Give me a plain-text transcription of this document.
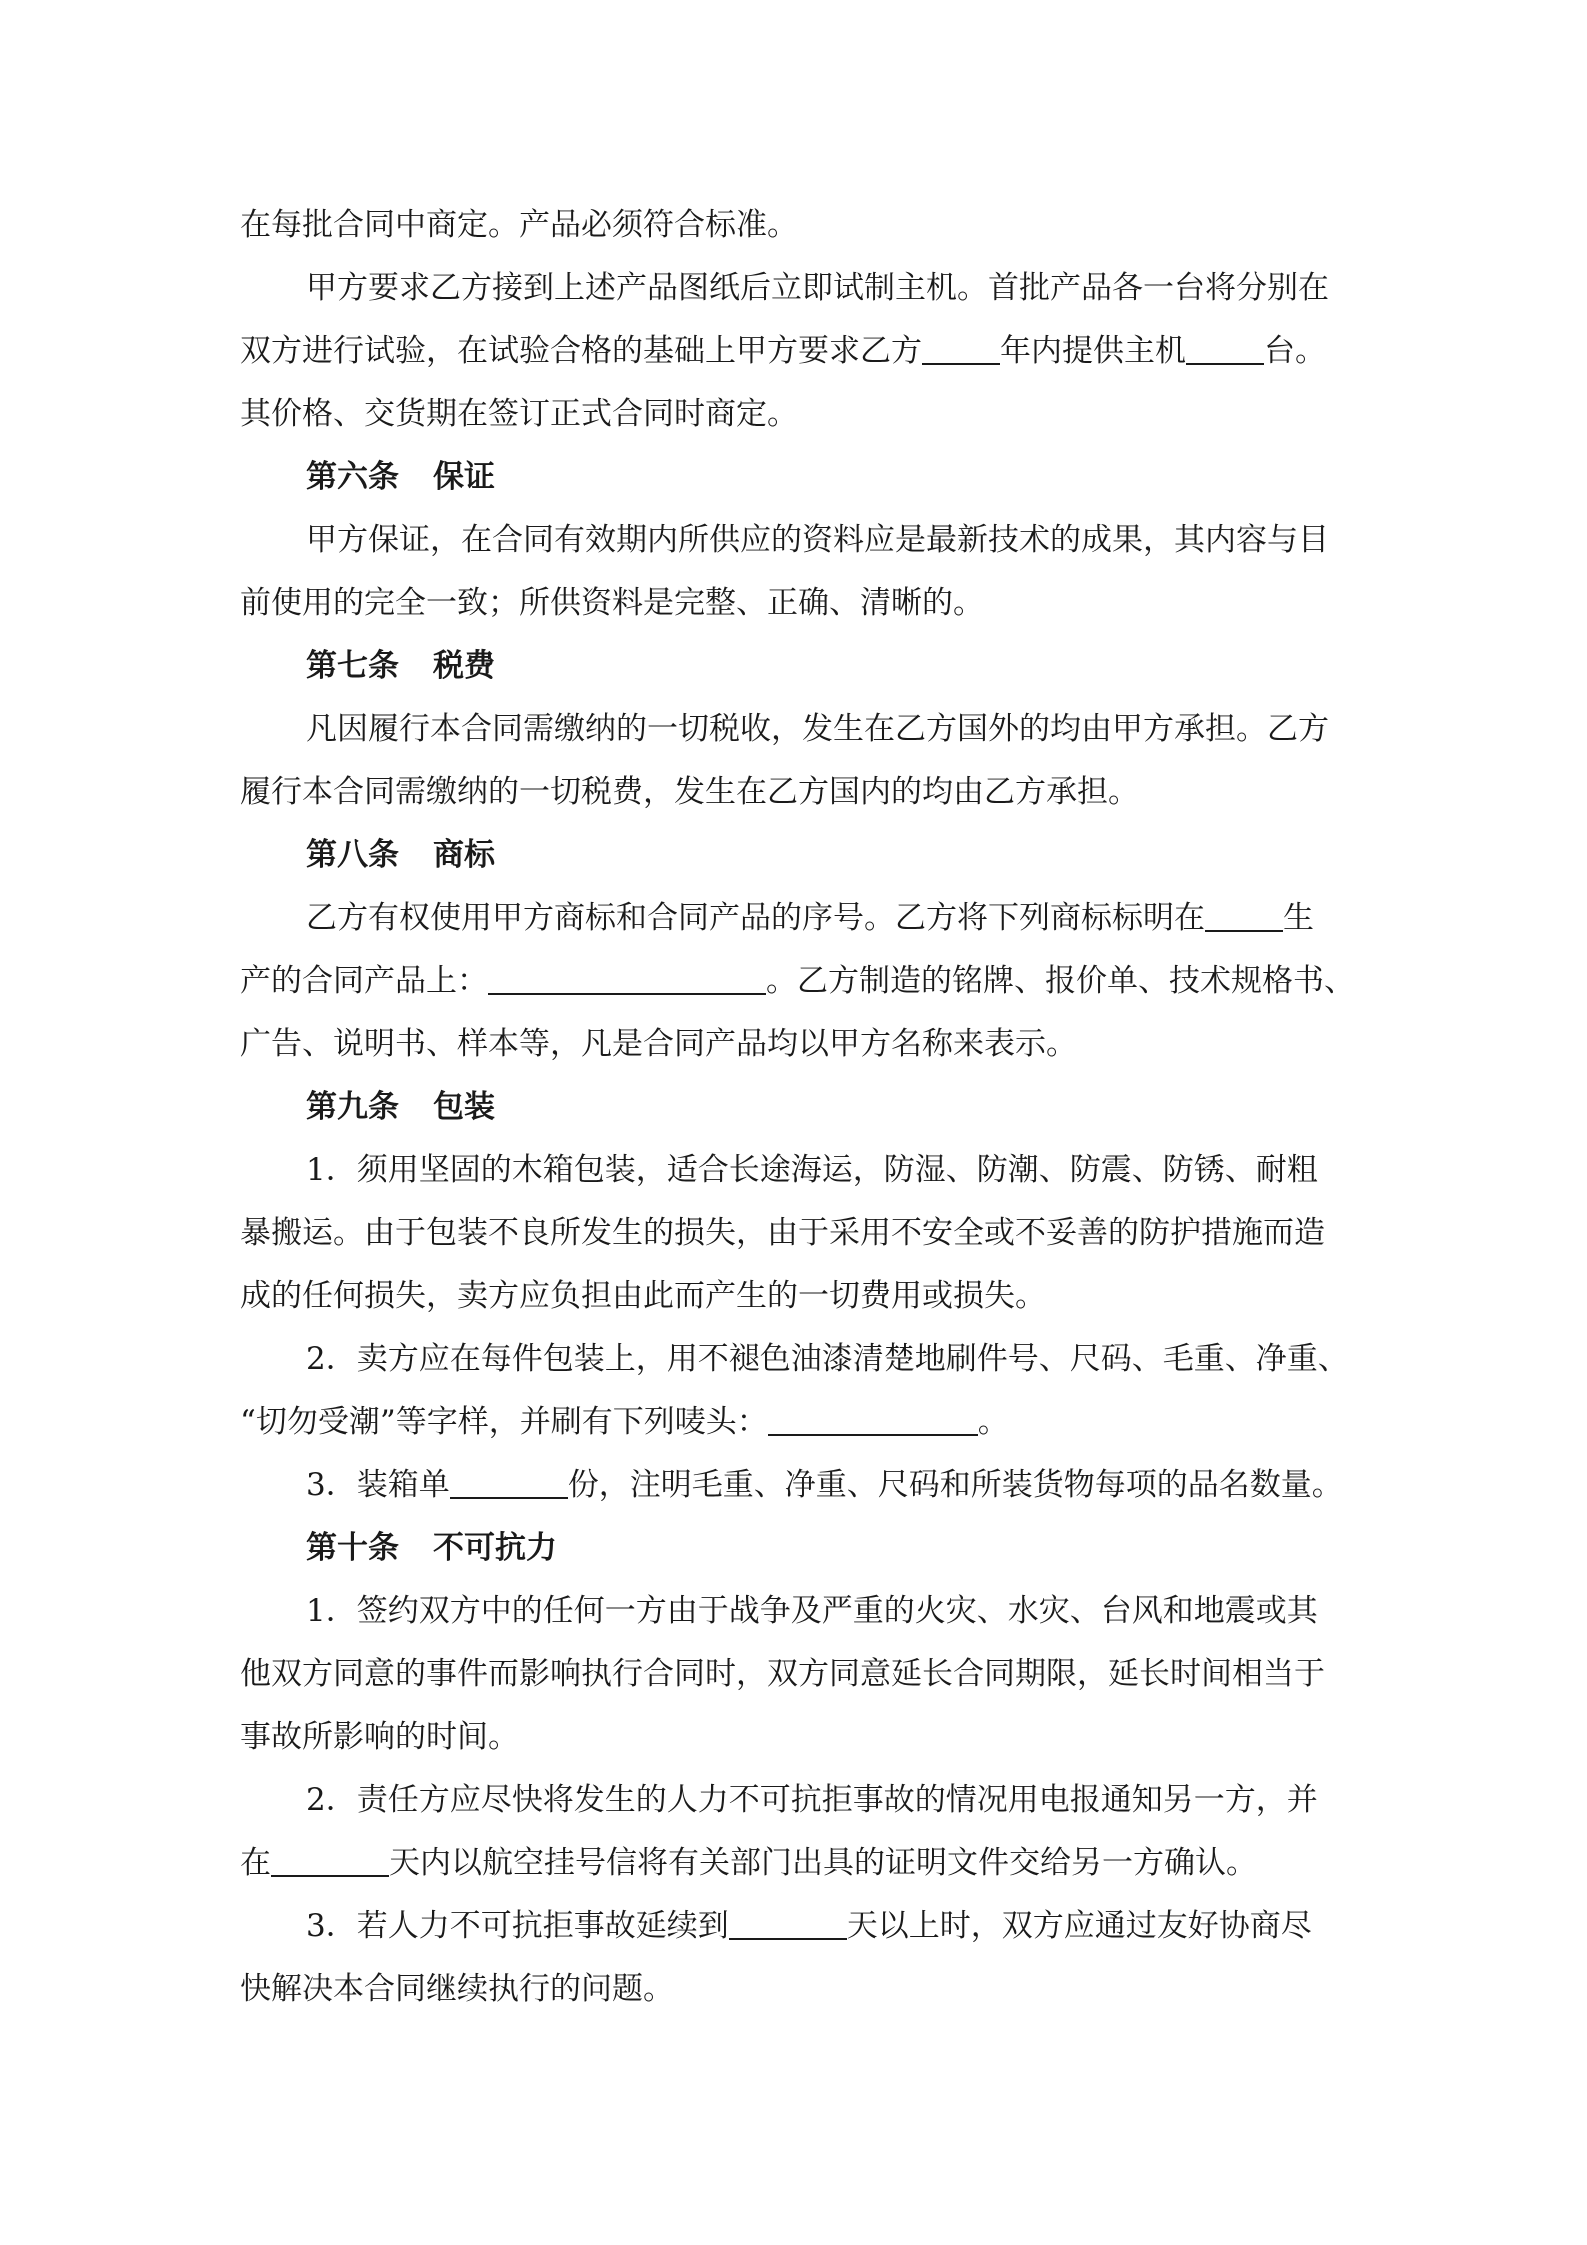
在每批合同中商定。产品必须符合标准。
甲方要求乙方接到上述产品图纸后立即试制主机。首批产品各一台将分别在
双方进行试验，在试验合格的基础上甲方要求乙方	年内提供主机	台。
其价格、交货期在签订正式合同时商定。
第六条 保证
甲方保证，在合同有效期内所供应的资料应是最新技术的成果，其内容与目
前使用的完全一致；所供资料是完整、正确、清晰的。
第七条 税费
凡因履行本合同需缴纳的一切税收，发生在乙方国外的均由甲方承担。乙方
履行本合同需缴纳的一切税费，发生在乙方国内的均由乙方承担。
第八条 商标
乙方有权使用甲方商标和合同产品的序号。乙方将下列商标标明在	生
产的合同产品上：	。乙方制造的铭牌、报价单、技术规格书、
广告、说明书、样本等，凡是合同产品均以甲方名称来表示。
第九条 包装
1．须用坚固的木箱包装，适合长途海运，防湿、防潮、防震、防锈、耐粗
暴搬运。由于包装不良所发生的损失，由于采用不安全或不妥善的防护措施而造
成的任何损失，卖方应负担由此而产生的一切费用或损失。
2．卖方应在每件包装上，用不褪色油漆清楚地刷件号、尺码、毛重、净重、
“切勿受潮”等字样，并刷有下列唛头：	。
3．装箱单	份，注明毛重、净重、尺码和所装货物每项的品名数量。
第十条 不可抗力
1．签约双方中的任何一方由于战争及严重的火灾、水灾、台风和地震或其
他双方同意的事件而影响执行合同时，双方同意延长合同期限，延长时间相当于
事故所影响的时间。
2．责任方应尽快将发生的人力不可抗拒事故的情况用电报通知另一方，并
在	天内以航空挂号信将有关部门出具的证明文件交给另一方确认。
3．若人力不可抗拒事故延续到	天以上时，双方应通过友好协商尽
快解决本合同继续执行的问题。
